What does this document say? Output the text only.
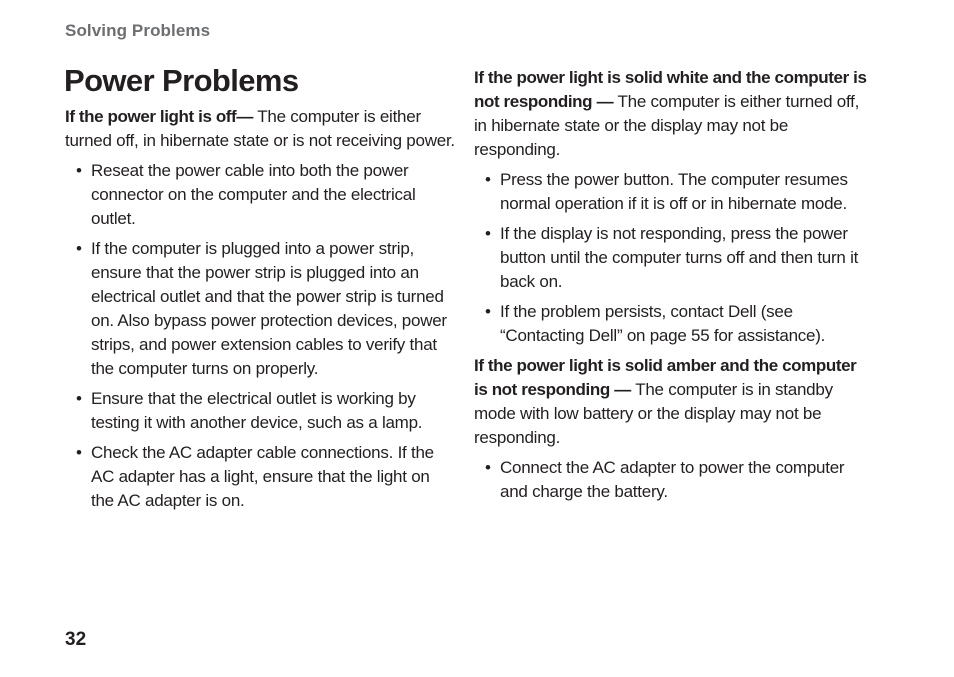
Solving Problems
Power Problems

If the power light is off— The computer is either turned off, in hibernate state or is not receiving power.

• Reseat the power cable into both the power connector on the computer and the electrical outlet.
• If the computer is plugged into a power strip, ensure that the power strip is plugged into an electrical outlet and that the power strip is turned on. Also bypass power protection devices, power strips, and power extension cables to verify that the computer turns on properly.
• Ensure that the electrical outlet is working by testing it with another device, such as a lamp.
• Check the AC adapter cable connections. If the AC adapter has a light, ensure that the light on the AC adapter is on.

If the power light is solid white and the computer is not responding — The computer is either turned off, in hibernate state or the display may not be responding.

• Press the power button. The computer resumes normal operation if it is off or in hibernate mode.
• If the display is not responding, press the power button until the computer turns off and then turn it back on.
• If the problem persists, contact Dell (see “Contacting Dell” on page 55 for assistance).

If the power light is solid amber and the computer is not responding — The computer is in standby mode with low battery or the display may not be responding.

• Connect the AC adapter to power the computer and charge the battery.
32
